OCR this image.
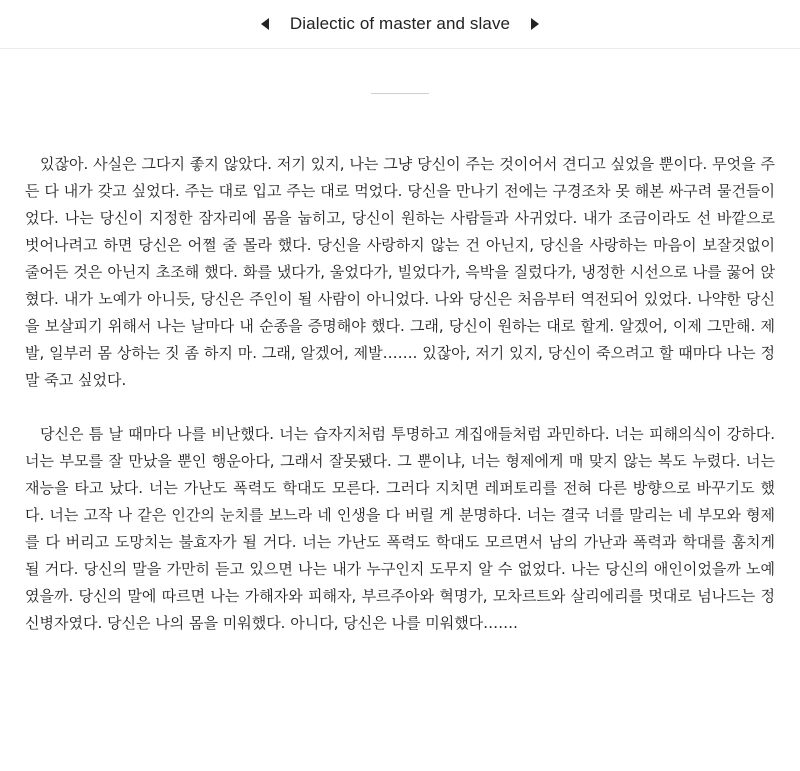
Dialectic of master and slave

있잖아. 사실은 그다지 좋지 않았다. 저기 있지, 나는 그냥 당신이 주는 것이어서 견디고 싶었을 뿐이다. 무엇을 주든 다 내가 갖고 싶었다. 주는 대로 입고 주는 대로 먹었다. 당신을 만나기 전에는 구경조차 못 해본 싸구려 물건들이었다. 나는 당신이 지정한 잠자리에 몸을 눕히고, 당신이 원하는 사람들과 사귀었다. 내가 조금이라도 선 바깥으로 벗어나려고 하면 당신은 어쩔 줄 몰라 했다. 당신을 사랑하지 않는 건 아닌지, 당신을 사랑하는 마음이 보잘것없이 줄어든 것은 아닌지 초조해 했다. 화를 냈다가, 울었다가, 빌었다가, 윽박을 질렀다가, 냉정한 시선으로 나를 꿇어 앉혔다. 내가 노예가 아니듯, 당신은 주인이 될 사람이 아니었다. 나와 당신은 처음부터 역전되어 있었다. 나약한 당신을 보살피기 위해서 나는 날마다 내 순종을 증명해야 했다. 그래, 당신이 원하는 대로 할게. 알겠어, 이제 그만해. 제발, 일부러 몸 상하는 짓 좀 하지 마. 그래, 알겠어, 제발……. 있잖아, 저기 있지, 당신이 죽으려고 할 때마다 나는 정말 죽고 싶었다.

당신은 틈 날 때마다 나를 비난했다. 너는 습자지처럼 투명하고 계집애들처럼 과민하다. 너는 피해의식이 강하다. 너는 부모를 잘 만났을 뿐인 행운아다, 그래서 잘못됐다. 그 뿐이냐, 너는 형제에게 매 맞지 않는 복도 누렸다. 너는 재능을 타고 났다. 너는 가난도 폭력도 학대도 모른다. 그러다 지치면 레퍼토리를 전혀 다른 방향으로 바꾸기도 했다. 너는 고작 나 같은 인간의 눈치를 보느라 네 인생을 다 버릴 게 분명하다. 너는 결국 너를 말리는 네 부모와 형제를 다 버리고 도망치는 불효자가 될 거다. 너는 가난도 폭력도 학대도 모르면서 남의 가난과 폭력과 학대를 훔치게 될 거다. 당신의 말을 가만히 듣고 있으면 나는 내가 누구인지 도무지 알 수 없었다. 나는 당신의 애인이었을까 노예였을까. 당신의 말에 따르면 나는 가해자와 피해자, 부르주아와 혁명가, 모차르트와 살리에리를 멋대로 넘나드는 정신병자였다. 당신은 나의 몸을 미워했다. 아니다, 당신은 나를 미워했다…….
